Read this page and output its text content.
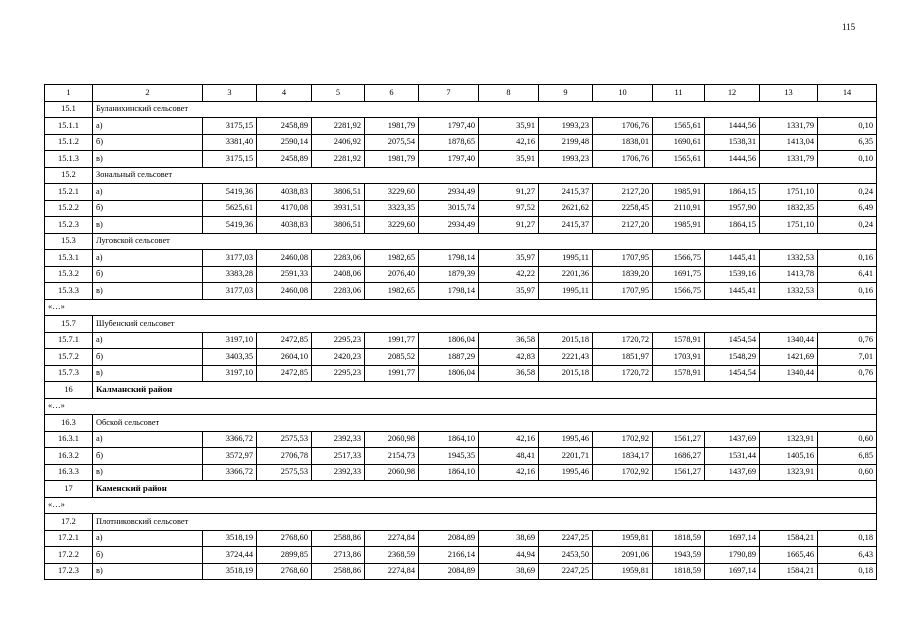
115
1	2	3	4	5	6	7	8	9	10	11	12	13	14
15.1	Буланихинский сельсовет												
15.1.1	а)	3175,15	2458,89	2281,92	1981,79	1797,40	35,91	1993,23	1706,76	1565,61	1444,56	1331,79	0,10
15.1.2	б)	3381,40	2590,14	2406,92	2075,54	1878,65	42,16	2199,48	1838,01	1690,61	1538,31	1413,04	6,35
15.1.3	в)	3175,15	2458,89	2281,92	1981,79	1797,40	35,91	1993,23	1706,76	1565,61	1444,56	1331,79	0,10
15.2	Зональный сельсовет												
15.2.1	а)	5419,36	4038,83	3806,51	3229,60	2934,49	91,27	2415,37	2127,20	1985,91	1864,15	1751,10	0,24
15.2.2	б)	5625,61	4170,08	3931,51	3323,35	3015,74	97,52	2621,62	2258,45	2110,91	1957,90	1832,35	6,49
15.2.3	в)	5419,36	4038,83	3806,51	3229,60	2934,49	91,27	2415,37	2127,20	1985,91	1864,15	1751,10	0,24
15.3	Луговской сельсовет												
15.3.1	а)	3177,03	2460,08	2283,06	1982,65	1798,14	35,97	1995,11	1707,95	1566,75	1445,41	1332,53	0,16
15.3.2	б)	3383,28	2591,33	2408,06	2076,40	1879,39	42,22	2201,36	1839,20	1691,75	1539,16	1413,78	6,41
15.3.3	в)	3177,03	2460,08	2283,06	1982,65	1798,14	35,97	1995,11	1707,95	1566,75	1445,41	1332,53	0,16
«…»													
15.7	Шубенский сельсовет												
15.7.1	а)	3197,10	2472,85	2295,23	1991,77	1806,04	36,58	2015,18	1720,72	1578,91	1454,54	1340,44	0,76
15.7.2	б)	3403,35	2604,10	2420,23	2085,52	1887,29	42,83	2221,43	1851,97	1703,91	1548,29	1421,69	7,01
15.7.3	в)	3197,10	2472,85	2295,23	1991,77	1806,04	36,58	2015,18	1720,72	1578,91	1454,54	1340,44	0,76
16	Калманский район												
«…»													
16.3	Обской сельсовет												
16.3.1	а)	3366,72	2575,53	2392,33	2060,98	1864,10	42,16	1995,46	1702,92	1561,27	1437,69	1323,91	0,60
16.3.2	б)	3572,97	2706,78	2517,33	2154,73	1945,35	48,41	2201,71	1834,17	1686,27	1531,44	1405,16	6,85
16.3.3	в)	3366,72	2575,53	2392,33	2060,98	1864,10	42,16	1995,46	1702,92	1561,27	1437,69	1323,91	0,60
17	Каменский район												
«…»													
17.2	Плотниковский сельсовет												
17.2.1	а)	3518,19	2768,60	2588,86	2274,84	2084,89	38,69	2247,25	1959,81	1818,59	1697,14	1584,21	0,18
17.2.2	б)	3724,44	2899,85	2713,86	2368,59	2166,14	44,94	2453,50	2091,06	1943,59	1790,89	1665,46	6,43
17.2.3	в)	3518,19	2768,60	2588,86	2274,84	2084,89	38,69	2247,25	1959,81	1818,59	1697,14	1584,21	0,18
